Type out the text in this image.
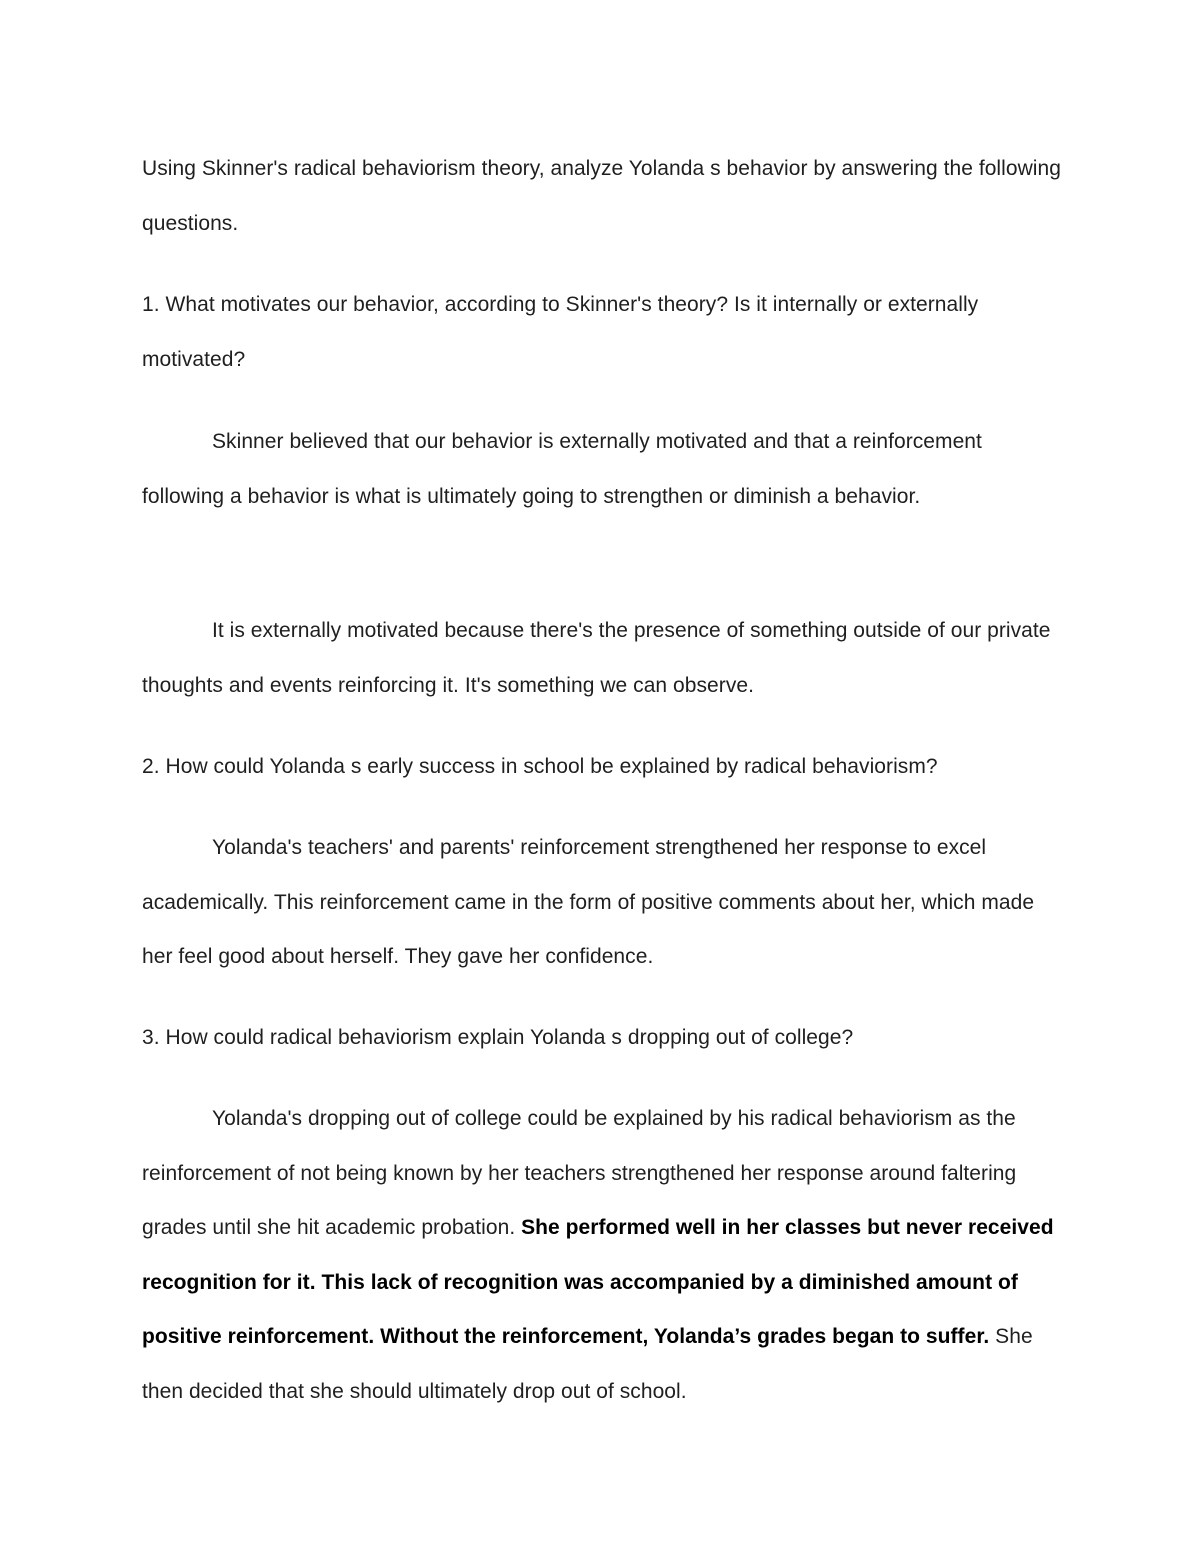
Using Skinner's radical behaviorism theory, analyze Yolanda s behavior by answering the following questions.

1. What motivates our behavior, according to Skinner's theory? Is it internally or externally motivated?

Skinner believed that our behavior is externally motivated and that a reinforcement following a behavior is what is ultimately going to strengthen or diminish a behavior.

It is externally motivated because there's the presence of something outside of our private thoughts and events reinforcing it. It's something we can observe.

2. How could Yolanda s early success in school be explained by radical behaviorism?

Yolanda's teachers' and parents' reinforcement strengthened her response to excel academically. This reinforcement came in the form of positive comments about her, which made her feel good about herself. They gave her confidence.

3. How could radical behaviorism explain Yolanda s dropping out of college?

Yolanda's dropping out of college could be explained by his radical behaviorism as the reinforcement of not being known by her teachers strengthened her response around faltering grades until she hit academic probation. She performed well in her classes but never received recognition for it. This lack of recognition was accompanied by a diminished amount of positive reinforcement. Without the reinforcement, Yolanda’s grades began to suffer. She then decided that she should ultimately drop out of school.
